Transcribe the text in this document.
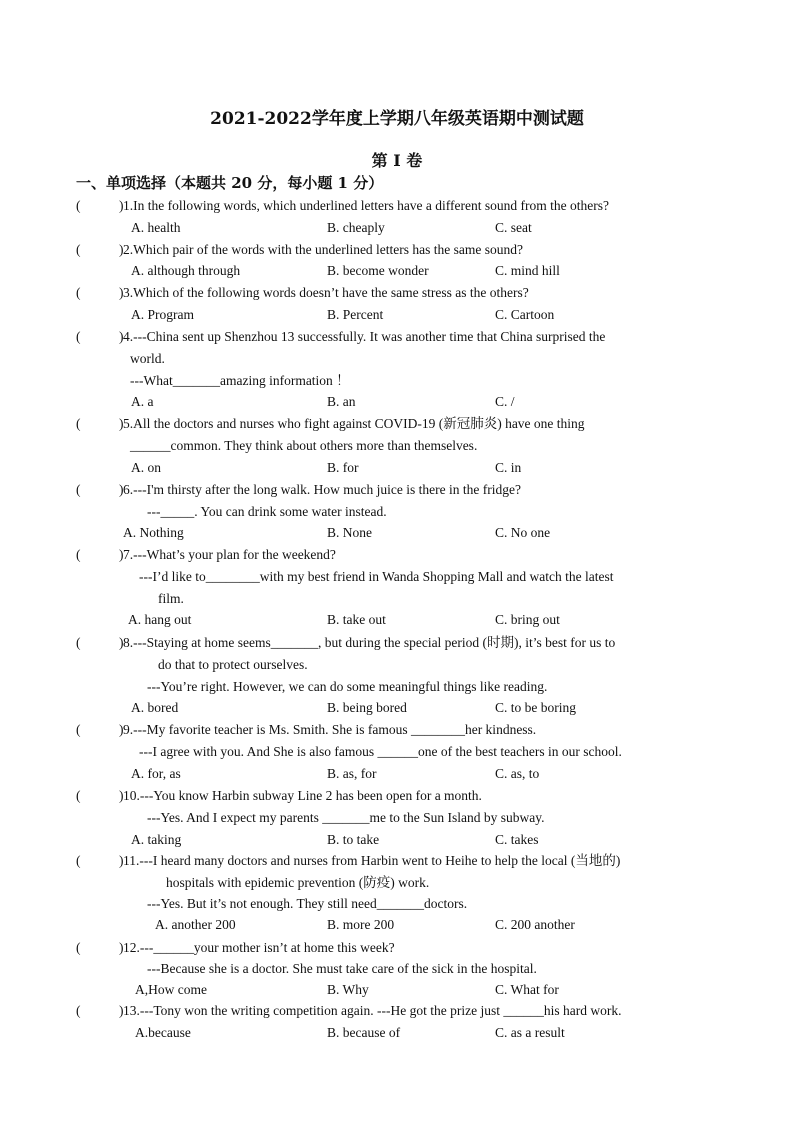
2021-2022学年度上学期八年级英语期中测试题
第 I 卷
一、单项选择（本题共 20 分，每小题 1 分）
(	) 1.In the following words, which underlined letters have a different sound from the others?
A. health	B. cheaply	C. seat
(	) 2.Which pair of the words with the underlined letters has the same sound?
A. although through	B. become wonder	C. mind hill
(	) 3.Which of the following words doesn’t have the same stress as the others?
A. Program	B. Percent	C. Cartoon
(	) 4.---China sent up Shenzhou 13 successfully. It was another time that China surprised the
world.
---What_______amazing information ！
A. a	B. an	C. /
(	) 5.All the doctors and nurses who fight against COVID-19 (新冠肺炎) have one thing
______common. They think about others more than themselves.
A. on	B. for	C. in
(	) 6.---I'm thirsty after the long walk. How much juice is there in the fridge?
---_____. You can drink some water instead.
A. Nothing	B. None	C. No one
(	) 7.---What’s your plan for the weekend?
---I’d like to________with my best friend in Wanda Shopping Mall and watch the latest
film.
A. hang out	B. take out	C. bring out
(	) 8.---Staying at home seems_______, but during the special period (时期), it’s best for us to
do that to protect ourselves.
---You’re right. However, we can do some meaningful things like reading.
A. bored	B. being bored	C. to be boring
(	) 9.---My favorite teacher is Ms. Smith. She is famous ________her kindness.
---I agree with you. And She is also famous ______one of the best teachers in our school.
A. for, as	B. as, for	C. as, to
(	) 10.---You know Harbin subway Line 2 has been open for a month.
---Yes. And I expect my parents _______me to the Sun Island by subway.
A. taking	B. to take	C. takes
(	) 11.---I heard many doctors and nurses from Harbin went to Heihe to help the local (当地的)
hospitals with epidemic prevention (防疫) work.
---Yes. But it’s not enough. They still need_______doctors.
A. another 200	B. more 200	C. 200 another
(	) 12.---______your mother isn’t at home this week?
---Because she is a doctor. She must take care of the sick in the hospital.
A,How come	B. Why	C. What for
(	) 13.---Tony won the writing competition again. ---He got the prize just ______his hard work.
A.because	B. because of	C. as a result
